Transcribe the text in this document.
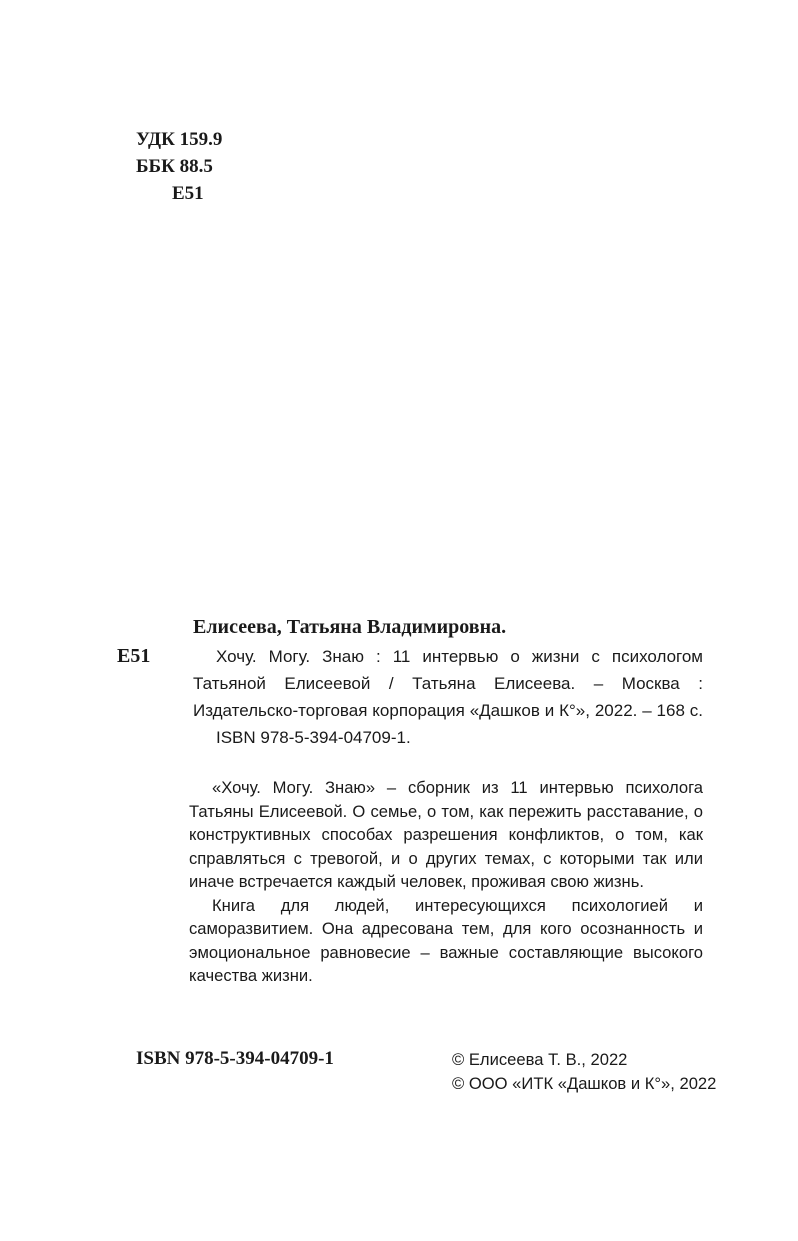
УДК 159.9
ББК 88.5
Е51
Елисеева, Татьяна Владимировна.
Е51	Хочу. Могу. Знаю : 11 интервью о жизни с психологом Татьяной Елисеевой / Татьяна Елисеева. – Москва : Издательско-торговая корпорация «Дашков и К°», 2022. – 168 с.
ISBN 978-5-394-04709-1.

«Хочу. Могу. Знаю» – сборник из 11 интервью психолога Татьяны Елисеевой. О семье, о том, как пережить расставание, о конструктивных способах разрешения конфликтов, о том, как справляться с тревогой, и о других темах, с которыми так или иначе встречается каждый человек, проживая свою жизнь.

Книга для людей, интересующихся психологией и саморазвитием. Она адресована тем, для кого осознанность и эмоциональное равновесие – важные составляющие высокого качества жизни.

ISBN 978-5-394-04709-1	© Елисеева Т. В., 2022
© ООО «ИТК «Дашков и К°», 2022
